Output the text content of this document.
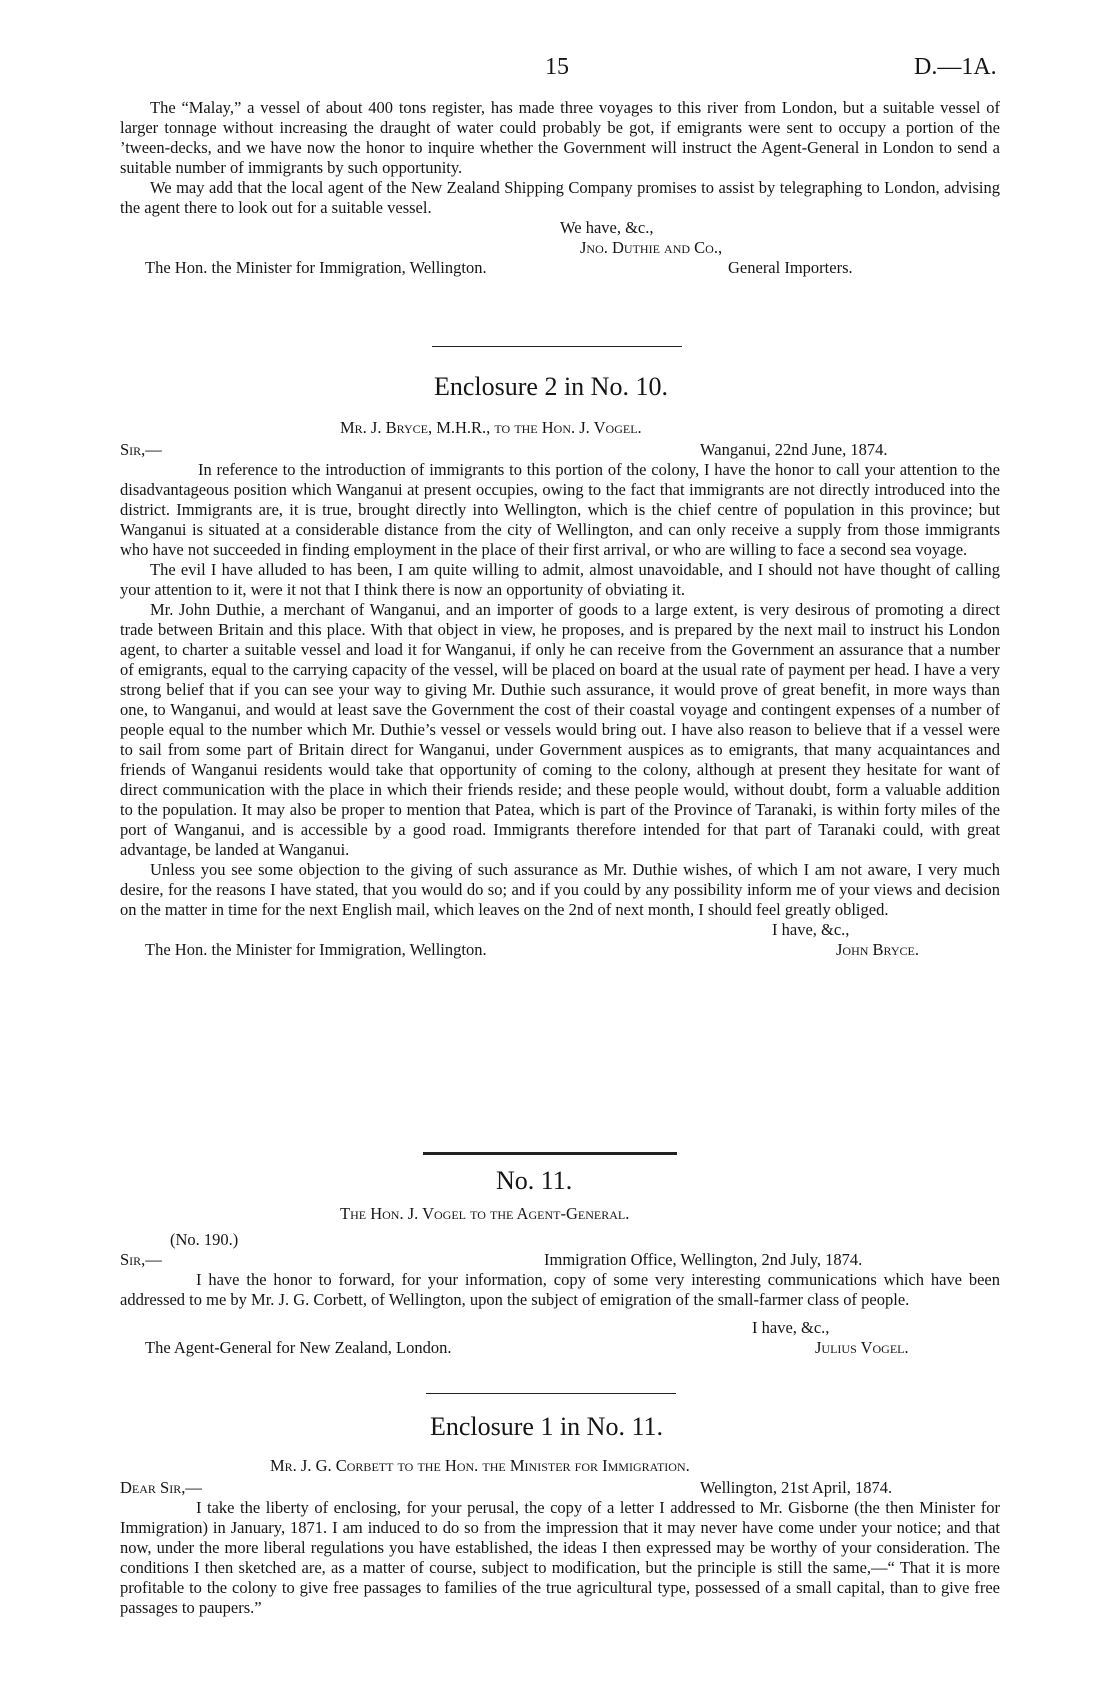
15	D.—1A.

The “Malay,” a vessel of about 400 tons register, has made three voyages to this river from London, but a suitable vessel of larger tonnage without increasing the draught of water could probably be got, if emigrants were sent to occupy a portion of the ’tween-decks, and we have now the honor to inquire whether the Government will instruct the Agent-General in London to send a suitable number of immigrants by such opportunity.

We may add that the local agent of the New Zealand Shipping Company promises to assist by telegraphing to London, advising the agent there to look out for a suitable vessel.

We have, &c.,
Jno. Duthie and Co.,
The Hon. the Minister for Immigration, Wellington.	General Importers.
Enclosure 2 in No. 10.
Mr. J. Bryce, M.H.R., to the Hon. J. Vogel.
Sir,—	Wanganui, 22nd June, 1874.

In reference to the introduction of immigrants to this portion of the colony, I have the honor to call your attention to the disadvantageous position which Wanganui at present occupies, owing to the fact that immigrants are not directly introduced into the district. Immigrants are, it is true, brought directly into Wellington, which is the chief centre of population in this province; but Wanganui is situated at a considerable distance from the city of Wellington, and can only receive a supply from those immigrants who have not succeeded in finding employment in the place of their first arrival, or who are willing to face a second sea voyage.

The evil I have alluded to has been, I am quite willing to admit, almost unavoidable, and I should not have thought of calling your attention to it, were it not that I think there is now an opportunity of obviating it.

Mr. John Duthie, a merchant of Wanganui, and an importer of goods to a large extent, is very desirous of promoting a direct trade between Britain and this place. With that object in view, he proposes, and is prepared by the next mail to instruct his London agent, to charter a suitable vessel and load it for Wanganui, if only he can receive from the Government an assurance that a number of emigrants, equal to the carrying capacity of the vessel, will be placed on board at the usual rate of payment per head. I have a very strong belief that if you can see your way to giving Mr. Duthie such assurance, it would prove of great benefit, in more ways than one, to Wanganui, and would at least save the Government the cost of their coastal voyage and contingent expenses of a number of people equal to the number which Mr. Duthie’s vessel or vessels would bring out. I have also reason to believe that if a vessel were to sail from some part of Britain direct for Wanganui, under Government auspices as to emigrants, that many acquaintances and friends of Wanganui residents would take that opportunity of coming to the colony, although at present they hesitate for want of direct communication with the place in which their friends reside; and these people would, without doubt, form a valuable addition to the population. It may also be proper to mention that Patea, which is part of the Province of Taranaki, is within forty miles of the port of Wanganui, and is accessible by a good road. Immigrants therefore intended for that part of Taranaki could, with great advantage, be landed at Wanganui.

Unless you see some objection to the giving of such assurance as Mr. Duthie wishes, of which I am not aware, I very much desire, for the reasons I have stated, that you would do so; and if you could by any possibility inform me of your views and decision on the matter in time for the next English mail, which leaves on the 2nd of next month, I should feel greatly obliged.

I have, &c.,
The Hon. the Minister for Immigration, Wellington.	John Bryce.
No. 11.
The Hon. J. Vogel to the Agent-General.
(No. 190.)
Sir,—	Immigration Office, Wellington, 2nd July, 1874.

I have the honor to forward, for your information, copy of some very interesting communications which have been addressed to me by Mr. J. G. Corbett, of Wellington, upon the subject of emigration of the small-farmer class of people.

I have, &c.,
The Agent-General for New Zealand, London.	Julius Vogel.
Enclosure 1 in No. 11.
Mr. J. G. Corbett to the Hon. the Minister for Immigration.
Dear Sir,—	Wellington, 21st April, 1874.

I take the liberty of enclosing, for your perusal, the copy of a letter I addressed to Mr. Gisborne (the then Minister for Immigration) in January, 1871. I am induced to do so from the impression that it may never have come under your notice; and that now, under the more liberal regulations you have established, the ideas I then expressed may be worthy of your consideration. The conditions I then sketched are, as a matter of course, subject to modification, but the principle is still the same,—“ That it is more profitable to the colony to give free passages to families of the true agricultural type, possessed of a small capital, than to give free passages to paupers.”
